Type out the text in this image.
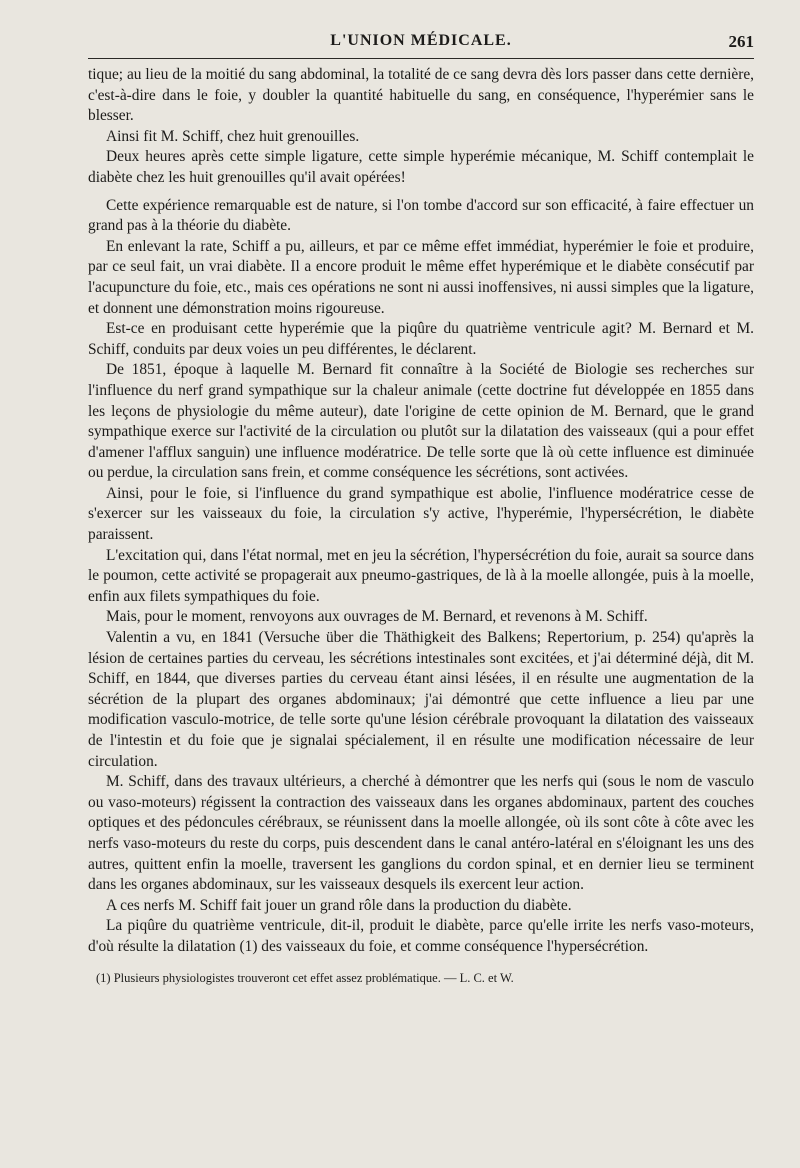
L'UNION MÉDICALE.	261

tique; au lieu de la moitié du sang abdominal, la totalité de ce sang devra dès lors passer dans cette dernière, c'est-à-dire dans le foie, y doubler la quantité habituelle du sang, en conséquence, l'hyperémier sans le blesser.

Ainsi fit M. Schiff, chez huit grenouilles.

Deux heures après cette simple ligature, cette simple hyperémie mécanique, M. Schiff contemplait le diabète chez les huit grenouilles qu'il avait opérées!

Cette expérience remarquable est de nature, si l'on tombe d'accord sur son efficacité, à faire effectuer un grand pas à la théorie du diabète.

En enlevant la rate, Schiff a pu, ailleurs, et par ce même effet immédiat, hyperémier le foie et produire, par ce seul fait, un vrai diabète. Il a encore produit le même effet hyperémique et le diabète consécutif par l'acupuncture du foie, etc., mais ces opérations ne sont ni aussi inoffensives, ni aussi simples que la ligature, et donnent une démonstration moins rigoureuse.

Est-ce en produisant cette hyperémie que la piqûre du quatrième ventricule agit? M. Bernard et M. Schiff, conduits par deux voies un peu différentes, le déclarent.

De 1851, époque à laquelle M. Bernard fit connaître à la Société de Biologie ses recherches sur l'influence du nerf grand sympathique sur la chaleur animale (cette doctrine fut développée en 1855 dans les leçons de physiologie du même auteur), date l'origine de cette opinion de M. Bernard, que le grand sympathique exerce sur l'activité de la circulation ou plutôt sur la dilatation des vaisseaux (qui a pour effet d'amener l'afflux sanguin) une influence modératrice. De telle sorte que là où cette influence est diminuée ou perdue, la circulation sans frein, et comme conséquence les sécrétions, sont activées.

Ainsi, pour le foie, si l'influence du grand sympathique est abolie, l'influence modératrice cesse de s'exercer sur les vaisseaux du foie, la circulation s'y active, l'hyperémie, l'hypersécrétion, le diabète paraissent.

L'excitation qui, dans l'état normal, met en jeu la sécrétion, l'hypersécrétion du foie, aurait sa source dans le poumon, cette activité se propagerait aux pneumo-gastriques, de là à la moelle allongée, puis à la moelle, enfin aux filets sympathiques du foie.

Mais, pour le moment, renvoyons aux ouvrages de M. Bernard, et revenons à M. Schiff.

Valentin a vu, en 1841 (Versuche über die Thäthigkeit des Balkens; Repertorium, p. 254) qu'après la lésion de certaines parties du cerveau, les sécrétions intestinales sont excitées, et j'ai déterminé déjà, dit M. Schiff, en 1844, que diverses parties du cerveau étant ainsi lésées, il en résulte une augmentation de la sécrétion de la plupart des organes abdominaux; j'ai démontré que cette influence a lieu par une modification vasculo-motrice, de telle sorte qu'une lésion cérébrale provoquant la dilatation des vaisseaux de l'intestin et du foie que je signalai spécialement, il en résulte une modification nécessaire de leur circulation.

M. Schiff, dans des travaux ultérieurs, a cherché à démontrer que les nerfs qui (sous le nom de vasculo ou vaso-moteurs) régissent la contraction des vaisseaux dans les organes abdominaux, partent des couches optiques et des pédoncules cérébraux, se réunissent dans la moelle allongée, où ils sont côte à côte avec les nerfs vaso-moteurs du reste du corps, puis descendent dans le canal antéro-latéral en s'éloignant les uns des autres, quittent enfin la moelle, traversent les ganglions du cordon spinal, et en dernier lieu se terminent dans les organes abdominaux, sur les vaisseaux desquels ils exercent leur action.

A ces nerfs M. Schiff fait jouer un grand rôle dans la production du diabète.

La piqûre du quatrième ventricule, dit-il, produit le diabète, parce qu'elle irrite les nerfs vaso-moteurs, d'où résulte la dilatation (1) des vaisseaux du foie, et comme conséquence l'hypersécrétion.

(1) Plusieurs physiologistes trouveront cet effet assez problématique. — L. C. et W.
